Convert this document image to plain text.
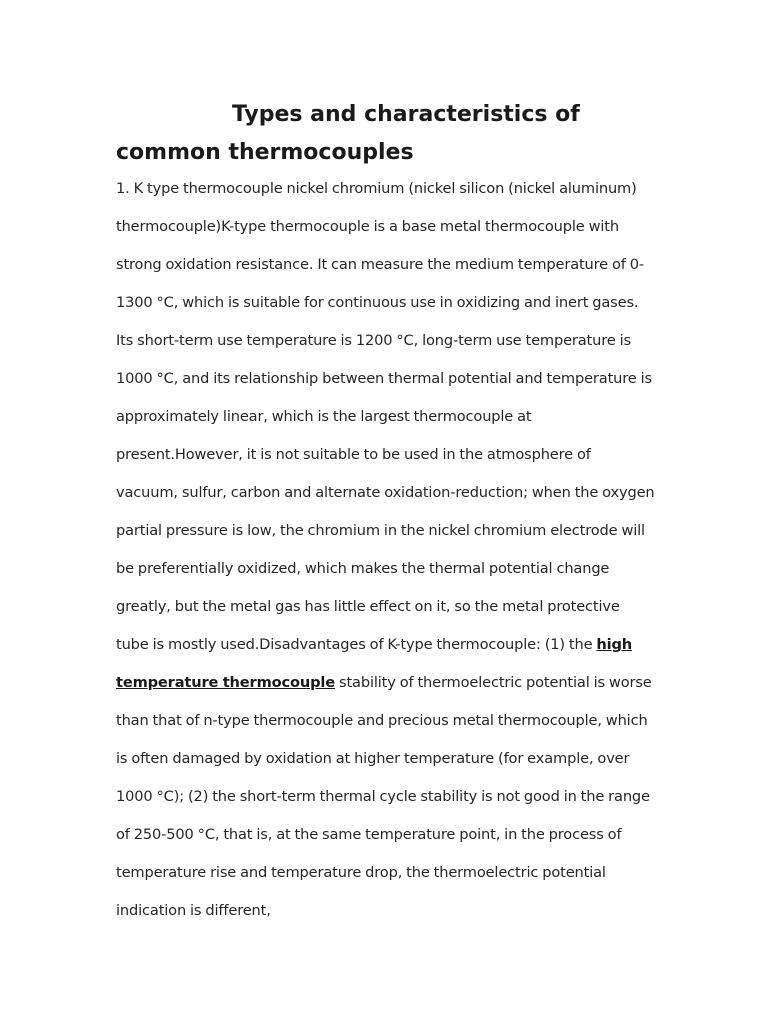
Types and characteristics of common thermocouples

1. K type thermocouple nickel chromium (nickel silicon (nickel aluminum) thermocouple)K-type thermocouple is a base metal thermocouple with strong oxidation resistance. It can measure the medium temperature of 0-1300 °C, which is suitable for continuous use in oxidizing and inert gases. Its short-term use temperature is 1200 °C, long-term use temperature is 1000 °C, and its relationship between thermal potential and temperature is approximately linear, which is the largest thermocouple at present.However, it is not suitable to be used in the atmosphere of vacuum, sulfur, carbon and alternate oxidation-reduction; when the oxygen partial pressure is low, the chromium in the nickel chromium electrode will be preferentially oxidized, which makes the thermal potential change greatly, but the metal gas has little effect on it, so the metal protective tube is mostly used.Disadvantages of K-type thermocouple: (1) the high temperature thermocouple stability of thermoelectric potential is worse than that of n-type thermocouple and precious metal thermocouple, which is often damaged by oxidation at higher temperature (for example, over 1000 °C); (2) the short-term thermal cycle stability is not good in the range of 250-500 °C, that is, at the same temperature point, in the process of temperature rise and temperature drop, the thermoelectric potential indication is different,
